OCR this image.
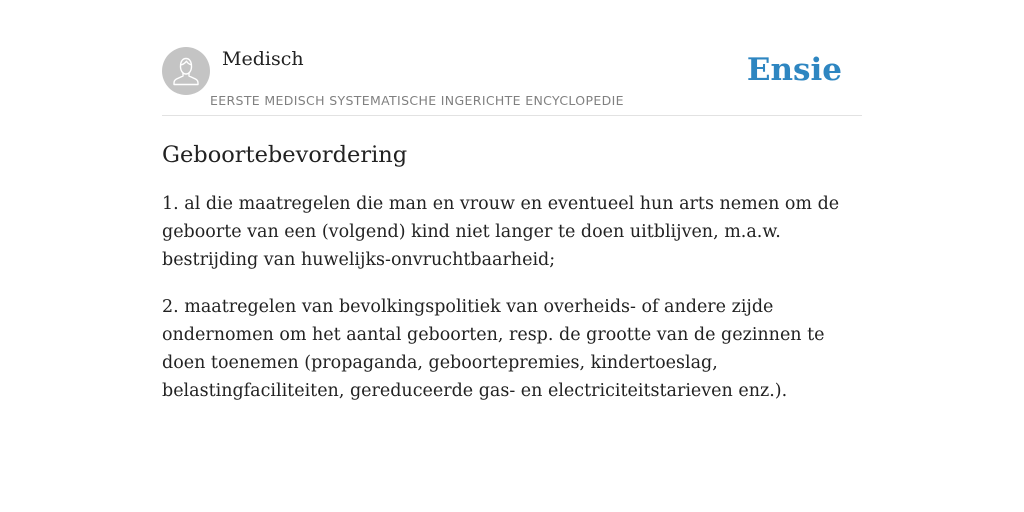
Medisch
EERSTE MEDISCH SYSTEMATISCHE INGERICHTE ENCYCLOPEDIE
Ensie
Geboortebevordering

1. al die maatregelen die man en vrouw en eventueel hun arts nemen om de geboorte van een (volgend) kind niet langer te doen uitblijven, m.a.w. bestrijding van huwelijks-onvruchtbaarheid;

2. maatregelen van bevolkingspolitiek van overheids- of andere zijde ondernomen om het aantal geboorten, resp. de grootte van de gezinnen te doen toenemen (propaganda, geboortepremies, kindertoeslag, belastingfaciliteiten, gereduceerde gas- en electriciteitstarieven enz.).
